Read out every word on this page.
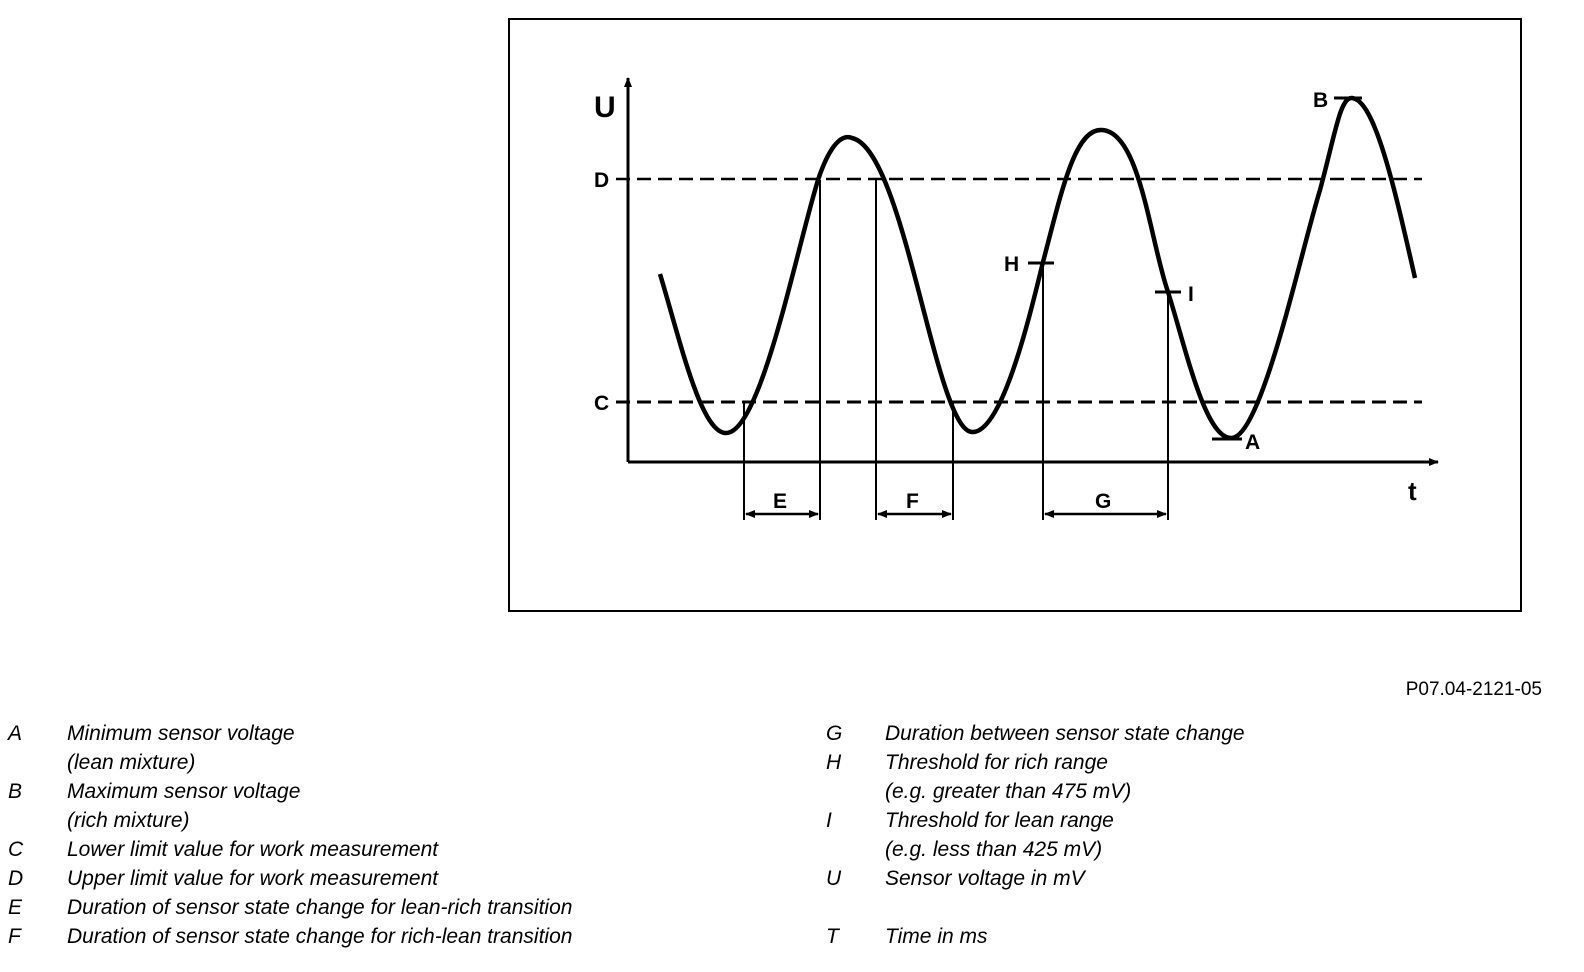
U
t
D
C
B
A
H
I
E	F	G
P07.04-2121-05
A	Minimum sensor voltage
(lean mixture)
B	Maximum sensor voltage
(rich mixture)
C	Lower limit value for work measurement
D	Upper limit value for work measurement
E	Duration of sensor state change for lean-rich transition
F	Duration of sensor state change for rich-lean transition
G	Duration between sensor state change
H	Threshold for rich range
(e.g. greater than 475 mV)
I	Threshold for lean range
(e.g. less than 425 mV)
U	Sensor voltage in mV

T	Time in ms
